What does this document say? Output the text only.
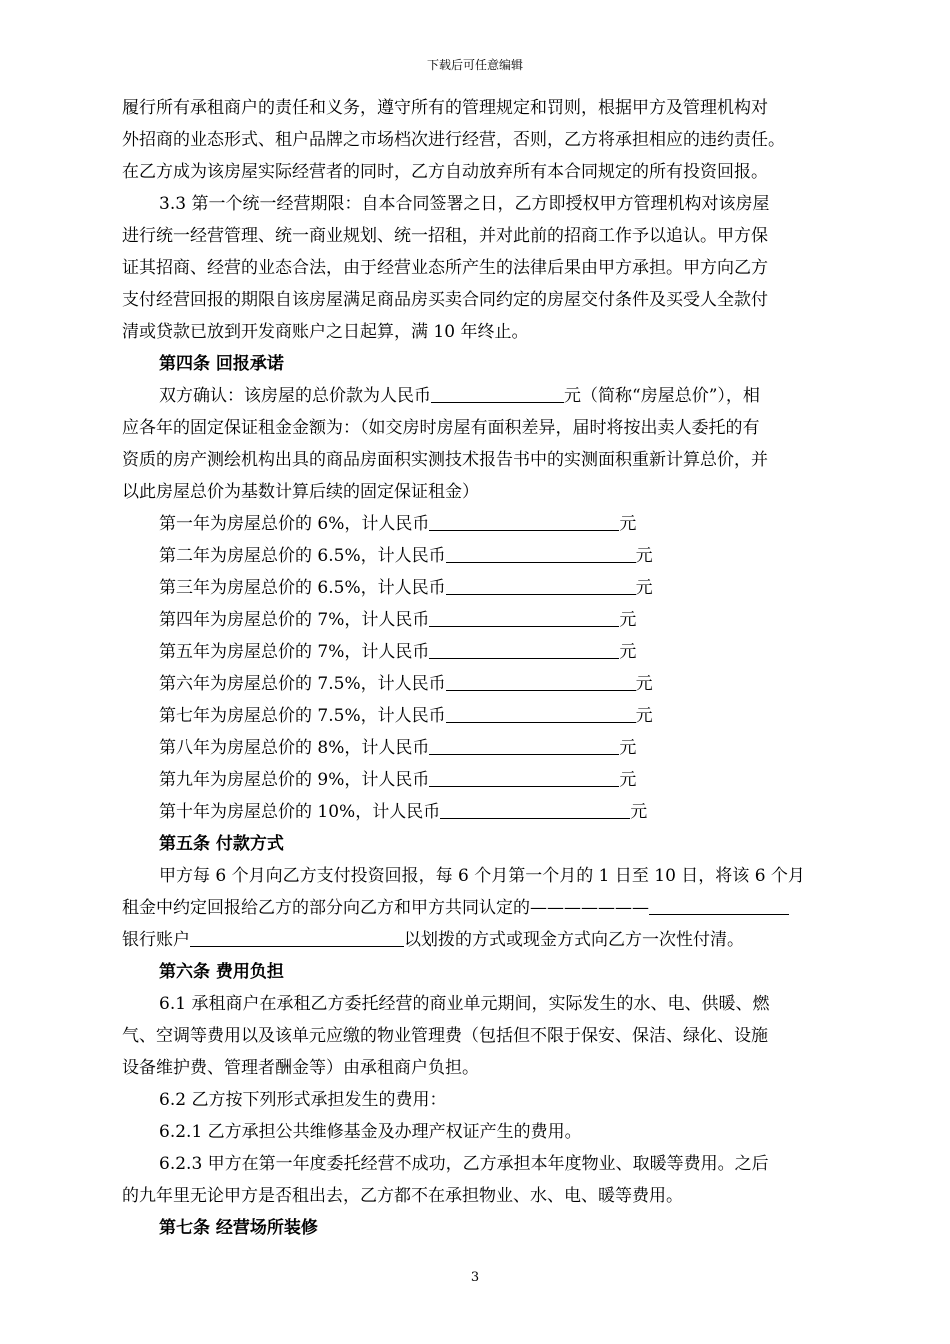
下载后可任意编辑

履行所有承租商户的责任和义务，遵守所有的管理规定和罚则，根据甲方及管理机构对

外招商的业态形式、租户品牌之市场档次进行经营，否则，乙方将承担相应的违约责任。

在乙方成为该房屋实际经营者的同时，乙方自动放弃所有本合同规定的所有投资回报。

3.3 第一个统一经营期限：自本合同签署之日，乙方即授权甲方管理机构对该房屋

进行统一经营管理、统一商业规划、统一招租，并对此前的招商工作予以追认。甲方保

证其招商、经营的业态合法，由于经营业态所产生的法律后果由甲方承担。甲方向乙方

支付经营回报的期限自该房屋满足商品房买卖合同约定的房屋交付条件及买受人全款付

清或贷款已放到开发商账户之日起算，满 10 年终止。

第四条 回报承诺

双方确认：该房屋的总价款为人民币	元（简称“房屋总价”），相

应各年的固定保证租金金额为：（如交房时房屋有面积差异，届时将按出卖人委托的有

资质的房产测绘机构出具的商品房面积实测技术报告书中的实测面积重新计算总价，并

以此房屋总价为基数计算后续的固定保证租金）

第一年为房屋总价的 6%，计人民币	元

第二年为房屋总价的 6.5%，计人民币	元

第三年为房屋总价的 6.5%，计人民币	元

第四年为房屋总价的 7%，计人民币	元

第五年为房屋总价的 7%，计人民币	元

第六年为房屋总价的 7.5%，计人民币	元

第七年为房屋总价的 7.5%，计人民币	元

第八年为房屋总价的 8%，计人民币	元

第九年为房屋总价的 9%，计人民币	元

第十年为房屋总价的 10%，计人民币	元

第五条 付款方式

甲方每 6 个月向乙方支付投资回报，每 6 个月第一个月的 1 日至 10 日，将该 6 个月

租金中约定回报给乙方的部分向乙方和甲方共同认定的———————

银行账户	以划拨的方式或现金方式向乙方一次性付清。

第六条 费用负担

6.1 承租商户在承租乙方委托经营的商业单元期间，实际发生的水、电、供暖、燃

气、空调等费用以及该单元应缴的物业管理费（包括但不限于保安、保洁、绿化、设施

设备维护费、管理者酬金等）由承租商户负担。

6.2 乙方按下列形式承担发生的费用：

6.2.1 乙方承担公共维修基金及办理产权证产生的费用。

6.2.3 甲方在第一年度委托经营不成功，乙方承担本年度物业、取暖等费用。之后

的九年里无论甲方是否租出去，乙方都不在承担物业、水、电、暖等费用。

第七条 经营场所装修

3
